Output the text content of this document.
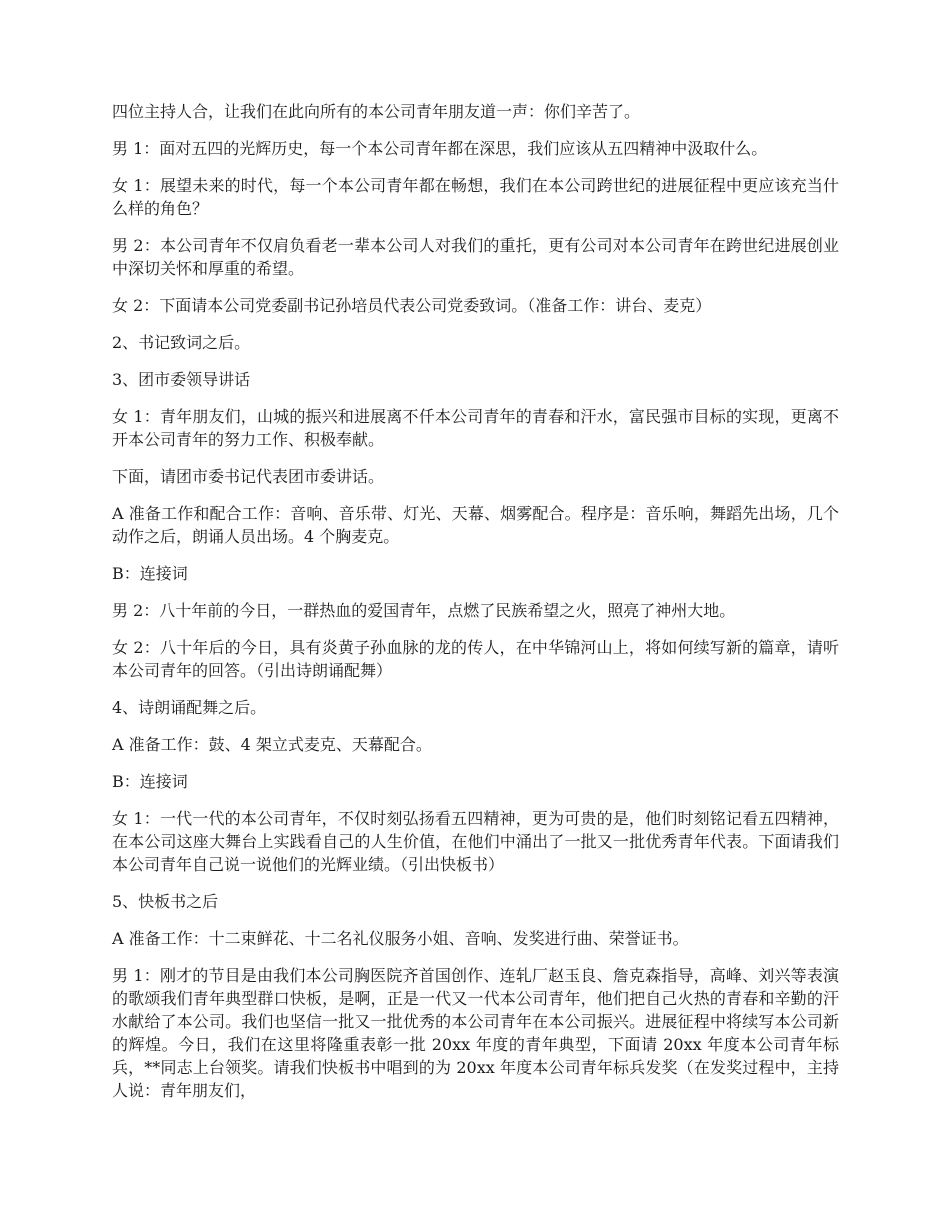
四位主持人合，让我们在此向所有的本公司青年朋友道一声：你们辛苦了。

男 1：面对五四的光辉历史，每一个本公司青年都在深思，我们应该从五四精神中汲取什么。

女 1：展望未来的时代，每一个本公司青年都在畅想，我们在本公司跨世纪的进展征程中更应该充当什么样的角色？

男 2：本公司青年不仅肩负看老一辈本公司人对我们的重托，更有公司对本公司青年在跨世纪进展创业中深切关怀和厚重的希望。

女 2：下面请本公司党委副书记孙培员代表公司党委致词。（准备工作：讲台、麦克）

2、书记致词之后。

3、团市委领导讲话

女 1：青年朋友们，山城的振兴和进展离不仟本公司青年的青春和汗水，富民强市目标的实现，更离不开本公司青年的努力工作、积极奉献。

下面，请团市委书记代表团市委讲话。

A 准备工作和配合工作：音响、音乐带、灯光、天幕、烟雾配合。程序是：音乐响，舞蹈先出场，几个动作之后，朗诵人员出场。4 个胸麦克。

B：连接词

男 2：八十年前的今日，一群热血的爱国青年，点燃了民族希望之火，照亮了神州大地。

女 2：八十年后的今日，具有炎黄子孙血脉的龙的传人，在中华锦河山上，将如何续写新的篇章，请听本公司青年的回答。（引出诗朗诵配舞）

4、诗朗诵配舞之后。

A 准备工作：鼓、4 架立式麦克、天幕配合。

B：连接词

女 1：一代一代的本公司青年，不仅时刻弘扬看五四精神，更为可贵的是，他们时刻铭记看五四精神，在本公司这座大舞台上实践看自己的人生价值，在他们中涌出了一批又一批优秀青年代表。下面请我们本公司青年自己说一说他们的光辉业绩。（引出快板书）

5、快板书之后

A 准备工作：十二束鲜花、十二名礼仪服务小姐、音响、发奖进行曲、荣誉证书。

男 1：刚才的节目是由我们本公司胸医院齐首国创作、连轧厂赵玉良、詹克森指导，高峰、刘兴等表演的歌颂我们青年典型群口快板，是啊，正是一代又一代本公司青年，他们把自己火热的青春和辛勤的汗水献给了本公司。我们也坚信一批又一批优秀的本公司青年在本公司振兴。进展征程中将续写本公司新的辉煌。今日，我们在这里将隆重表彰一批 20xx 年度的青年典型，下面请 20xx 年度本公司青年标兵，**同志上台领奖。请我们快板书中唱到的为 20xx 年度本公司青年标兵发奖（在发奖过程中，主持人说：青年朋友们，
